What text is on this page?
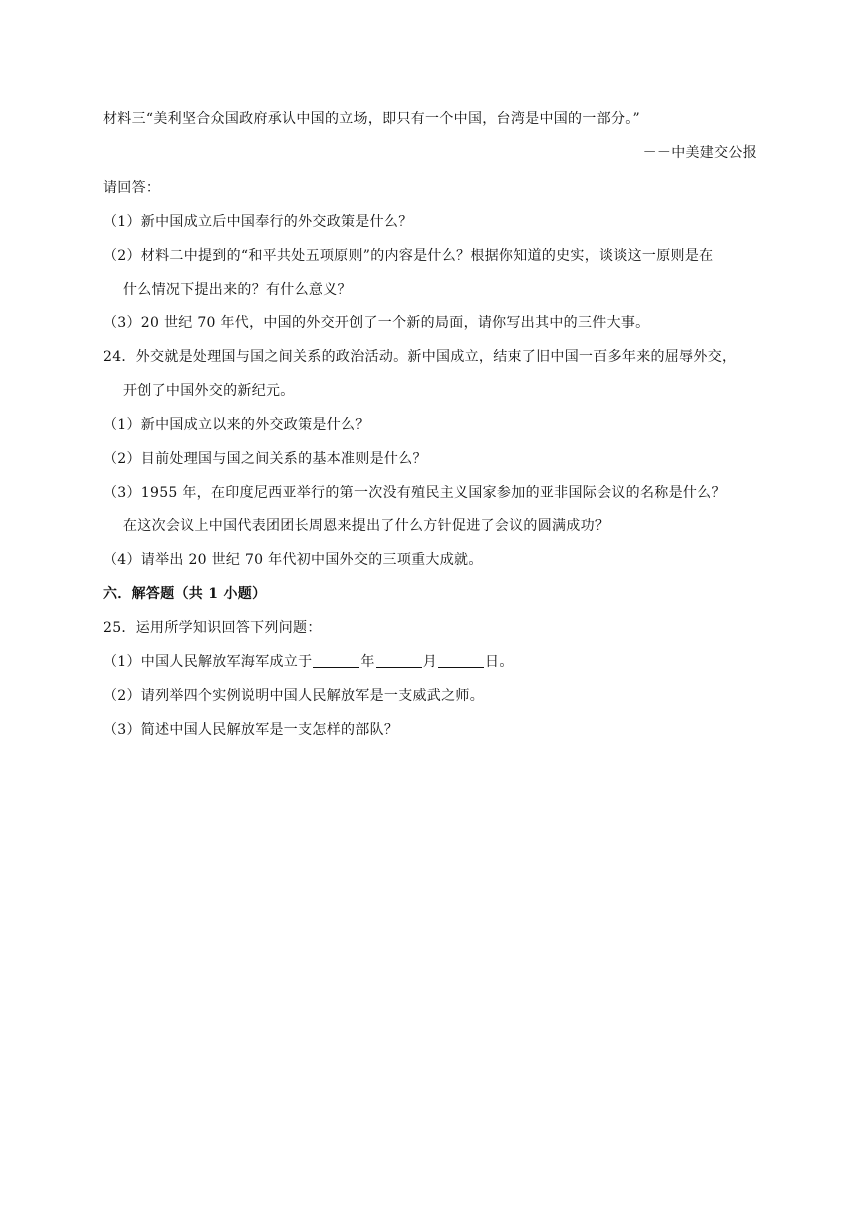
材料三“美利坚合众国政府承认中国的立场，即只有一个中国，台湾是中国的一部分。”
－－中美建交公报
请回答：
（1）新中国成立后中国奉行的外交政策是什么？
（2）材料二中提到的“和平共处五项原则”的内容是什么？根据你知道的史实，谈谈这一原则是在
什么情况下提出来的？有什么意义？
（3）20 世纪 70 年代，中国的外交开创了一个新的局面，请你写出其中的三件大事。
24．外交就是处理国与国之间关系的政治活动。新中国成立，结束了旧中国一百多年来的屈辱外交，
开创了中国外交的新纪元。
（1）新中国成立以来的外交政策是什么？
（2）目前处理国与国之间关系的基本准则是什么？
（3）1955 年，在印度尼西亚举行的第一次没有殖民主义国家参加的亚非国际会议的名称是什么？
在这次会议上中国代表团团长周恩来提出了什么方针促进了会议的圆满成功？
（4）请举出 20 世纪 70 年代初中国外交的三项重大成就。
六．解答题（共 1 小题）
25．运用所学知识回答下列问题：
（1）中国人民解放军海军成立于	年	月	日。
（2）请列举四个实例说明中国人民解放军是一支威武之师。
（3）简述中国人民解放军是一支怎样的部队？
